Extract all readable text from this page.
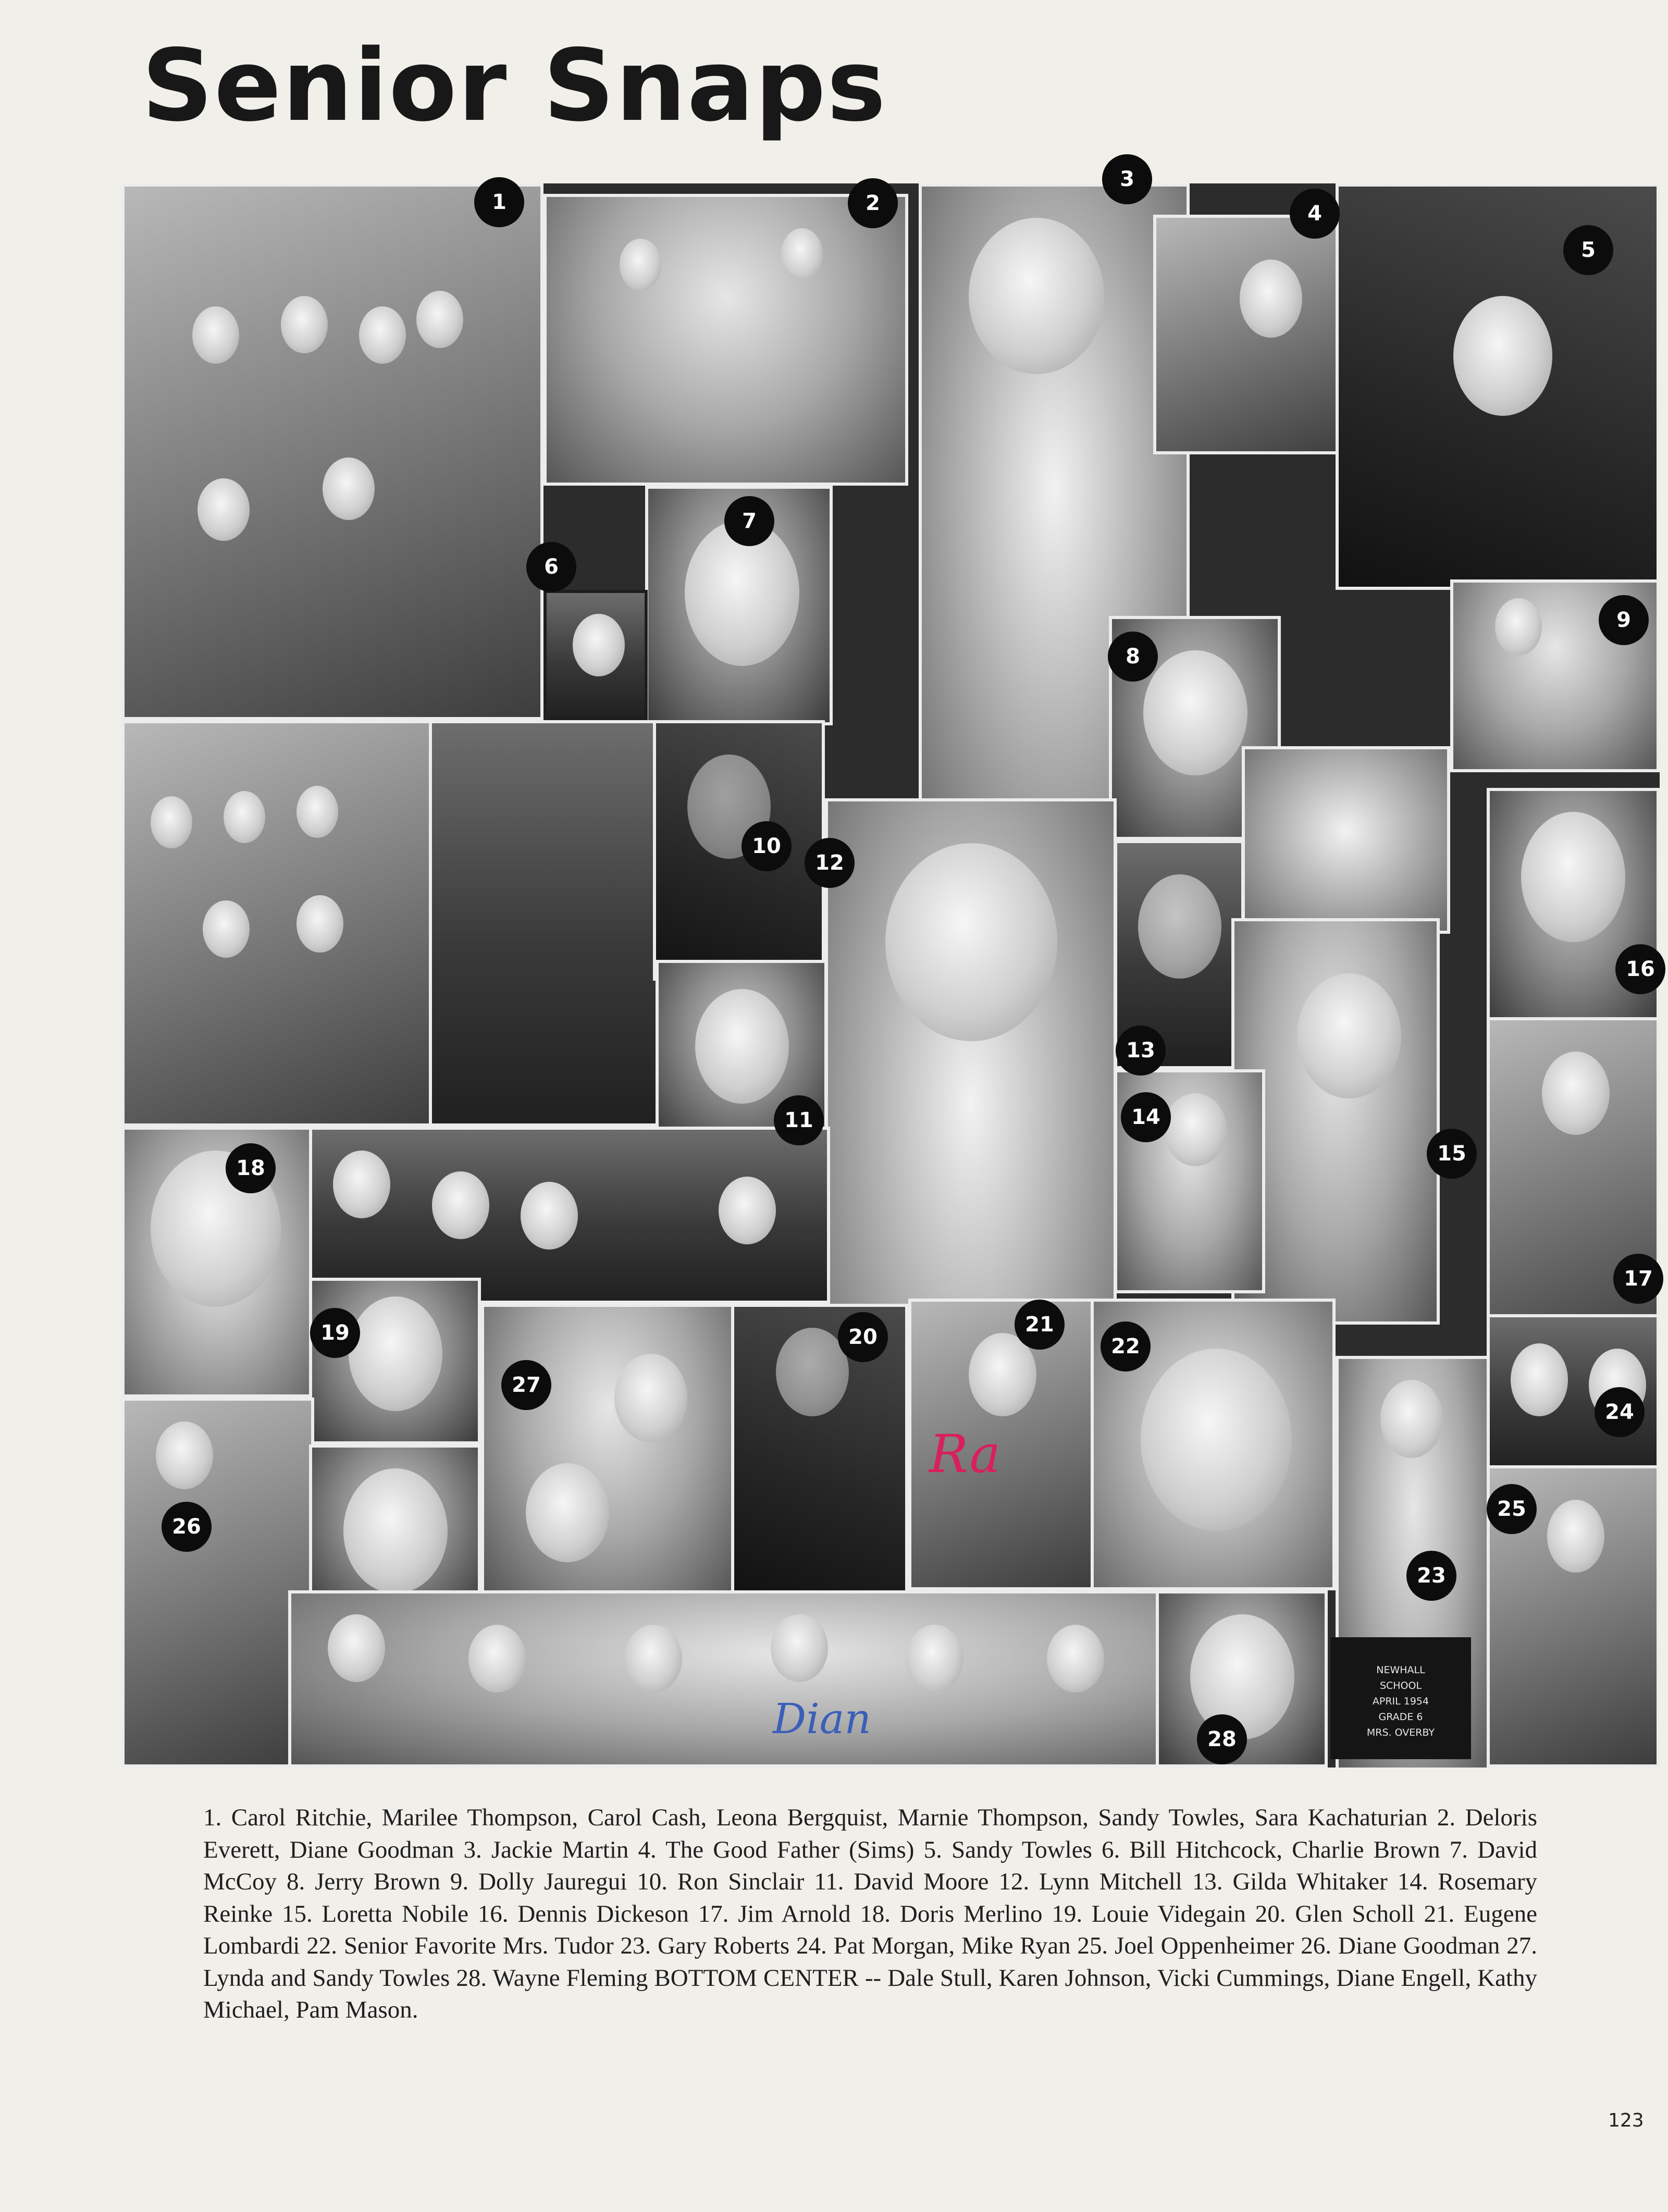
Senior Snaps
Ra
Dian
NEWHALL
SCHOOL
APRIL 1954
GRADE 6
MRS. OVERBY
1	2
3
4
5
6
7
8
9
10
11
12
13
14
15
16
17
18
19	20
21
22
23
24
25
26
27
28

1. Carol Ritchie, Marilee Thompson, Carol Cash, Leona Bergquist, Marnie Thompson, Sandy Towles, Sara Kachaturian 2. Deloris Everett, Diane Goodman 3. Jackie Martin 4. The Good Father (Sims) 5. Sandy Towles 6. Bill Hitchcock, Charlie Brown 7. David McCoy 8. Jerry Brown 9. Dolly Jauregui 10. Ron Sinclair 11. David Moore 12. Lynn Mitchell 13. Gilda Whitaker 14. Rosemary Reinke 15. Loretta Nobile 16. Dennis Dickeson 17. Jim Arnold 18. Doris Merlino 19. Louie Videgain 20. Glen Scholl 21. Eugene Lombardi 22. Senior Favorite Mrs. Tudor 23. Gary Roberts 24. Pat Morgan, Mike Ryan 25. Joel Oppenheimer 26. Diane Goodman 27. Lynda and Sandy Towles 28. Wayne Fleming BOTTOM CENTER -- Dale Stull, Karen Johnson, Vicki Cummings, Diane Engell, Kathy Michael, Pam Mason.

123
